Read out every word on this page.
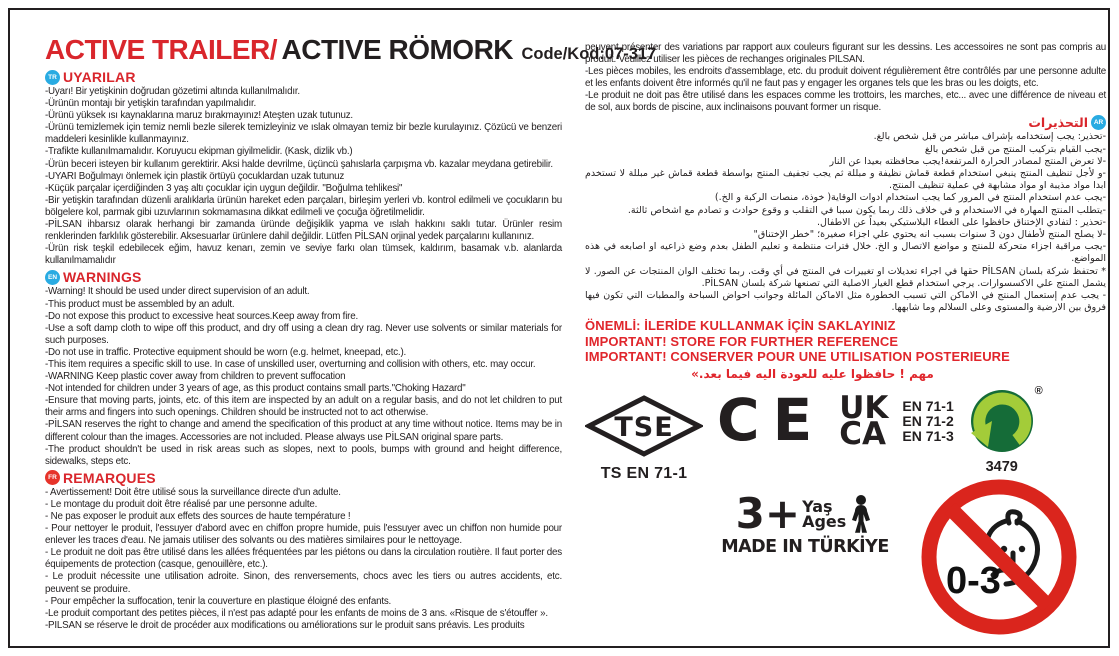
ACTIVE TRAILER/ ACTIVE RÖMORK Code/Kod:07-317
TR UYARILAR

-Uyarı! Bir yetişkinin doğrudan gözetimi altında kullanılmalıdır.

-Ürünün montajı bir yetişkin tarafından yapılmalıdır.

-Ürünü yüksek ısı kaynaklarına maruz bırakmayınız! Ateşten uzak tutunuz.

-Ürünü temizlemek için temiz nemli bezle silerek temizleyiniz ve ıslak olmayan temiz bir bezle kurulayınız. Çözücü ve benzeri maddeleri kesinlikle kullanmayınız.

-Trafikte kullanılmamalıdır. Koruyucu ekipman giyilmelidir. (Kask, dizlik vb.)

-Ürün beceri isteyen bir kullanım gerektirir. Aksi halde devrilme, üçüncü şahıslarla çarpışma vb. kazalar meydana getirebilir.

-UYARI Boğulmayı önlemek için plastik örtüyü çocuklardan uzak tutunuz

-Küçük parçalar içerdiğinden 3 yaş altı çocuklar için uygun değildir. "Boğulma tehlikesi"

-Bir yetişkin tarafından düzenli aralıklarla ürünün hareket eden parçaları, birleşim yerleri vb. kontrol edilmeli ve çocukların bu bölgelere kol, parmak gibi uzuvlarının sokmamasına dikkat edilmeli ve çocuğa öğretilmelidir.

-PİLSAN ihbarsız olarak herhangi bir zamanda üründe değişiklik yapma ve ıslah hakkını saklı tutar. Ürünler resim renklerinden farklılık gösterebilir. Aksesuarlar ürünlere dahil değildir. Lütfen PİLSAN orjinal yedek parçalarını kullanınız.

-Ürün risk teşkil edebilecek eğim, havuz kenarı, zemin ve seviye farkı olan tümsek, kaldırım, basamak v.b. alanlarda kullanılmamalıdır

EN WARNINGS

-Warning! It should be used under direct supervision of an adult.

-This product must be assembled by an adult.

-Do not expose this product to excessive heat sources.Keep away from fire.

-Use a soft damp cloth to wipe off this product, and dry off using a clean dry rag. Never use solvents or similar materials for such purposes.

-Do not use in traffic. Protective equipment should be worn (e.g. helmet, kneepad, etc.).

-This item requires a specific skill to use. In case of unskilled user, overturning and collision with others, etc. may occur.

-WARNING Keep plastic cover away from children to prevent suffocation

-Not intended for children under 3 years of age, as this product contains small parts."Choking Hazard"

-Ensure that moving parts, joints, etc. of this item are inspected by an adult on a regular basis, and do not let children to put their arms and fingers into such openings. Children should be instructed not to act otherwise.

-PİLSAN reserves the right to change and amend the specification of this product at any time without notice. Items may be in different colour than the images. Accessories are not included. Please always use PİLSAN original spare parts.

-The product shouldn't be used in risk areas such as slopes, next to pools, bumps with ground and height difference, sidewalks, steps etc.

FR REMARQUES

- Avertissement! Doit être utilisé sous la surveillance directe d'un adulte.

- Le montage du produit doit être réalisé par une personne adulte.

- Ne pas exposer le produit aux effets des sources de haute température !

- Pour nettoyer le produit, l'essuyer d'abord avec en chiffon propre humide, puis l'essuyer avec un chiffon non humide pour enlever les traces d'eau. Ne jamais utiliser des solvants ou des matières similaires pour le nettoyage.

- Le produit ne doit pas être utilisé dans les allées fréquentées par les piétons ou dans la circulation routière. Il faut porter des équipements de protection (casque, genouillère, etc.).

- Le produit nécessite une utilisation adroite. Sinon, des renversements, chocs avec les tiers ou autres accidents, etc. peuvent se produire.

- Pour empêcher la suffocation, tenir la couverture en plastique éloigné des enfants.

-Le produit comportant des petites pièces, il n'est pas adapté pour les enfants de moins de 3 ans. «Risque de s'étouffer ».

-PILSAN se réserve le droit de procéder aux modifications ou améliorations sur le produit sans préavis. Les produits

peuvent présenter des variations par rapport aux couleurs figurant sur les dessins. Les accessoires ne sont pas compris au produit. Veuillez utiliser les pièces de rechanges originales PILSAN.

-Les pièces mobiles, les endroits d'assemblage, etc. du produit doivent régulièrement être contrôlés par une personne adulte et les enfants doivent être informés qu'il ne faut pas y engager les organes tels que les bras ou les doigts, etc.

-Le produit ne doit pas être utilisé dans les espaces comme les trottoirs, les marches, etc... avec une différence de niveau et de sol, aux bords de piscine, aux inclinaisons pouvant former un risque.

AR
التحذيرات

-تحذير: يجب إستخدامه بإشراف مباشر من قبل شخص بالغ.

-يجب القيام بتركيب المنتج من قبل شخص بالغ

-لا تعرض المنتج لمصادر الحرارة المرتفعة!يجب محافظته بعيدا عن النار

-و لأجل تنظيف المنتج ينبغي استخدام قطعة قماش نظيفة و مبللة ثم يجب تجفيف المنتج بواسطة قطعة قماش غير مبللة لا تستخدم ابدا مواد مذيبة او مواد مشابهة في عملية تنظيف المنتج.

-يجب عدم استخدام المنتج في المرور كما يجب استخدام ادوات الوقاية( خوذة، منصات الركبة و الخ.)

-يتطلب المنتج المهارة في الاستخدام و في خلاف ذلك ربما يكون سببا في التقلب و وقوع حوادث و تصادم مع اشخاص ثالثة.

-تحذير : لتفادي الإختناق حافظوا على الغطاء البلاستيكي بعيداً عن الاطفال.

-لا يصلح المنتج لأطفال دون 3 سنوات بسبب انه يحتوي علي اجزاء صغيرة؛ "خطر الإختناق"

-يجب مراقبة اجزاء متحركة للمنتج و مواضع الاتصال و الخ. خلال فترات منتظمة و تعليم الطفل بعدم وضع ذراعيه او اصابعه في هذه المواضع.

* تحتفظ شركة بلسان PİLSAN حقها في اجراء تعديلات او تغييرات في المنتج في أي وقت. ربما تختلف الوان المنتجات عن الصور. لا يشمل المنتج علي الاكسسوارات. يرجي استخدام قطع الغيار الاصلية التي تصنعها شركة بلسان PİLSAN.

- يجب عدم إستعمال المنتج في الاماكن التي تسبب الخطورة مثل الاماكن المائلة وجوانب احواض السباحة والمطبات التي تكون فيها فروق بين الارضية والمستوى وعلى السلالم وما شابهها.

ÖNEMLİ: İLERİDE KULLANMAK İÇİN SAKLAYINIZ

IMPORTANT! STORE FOR FURTHER REFERENCE

IMPORTANT! CONSERVER POUR UNE UTILISATION POSTERIEURE

مهم ! حافظوا عليه للعودة اليه فيما بعد.»

TSE
TS EN 71-1
CE UK
CA

EN 71-1

EN 71-2

EN 71-3

®
3479
3+ Yaş
Ages
MADE IN TÜRKİYE
0-3
